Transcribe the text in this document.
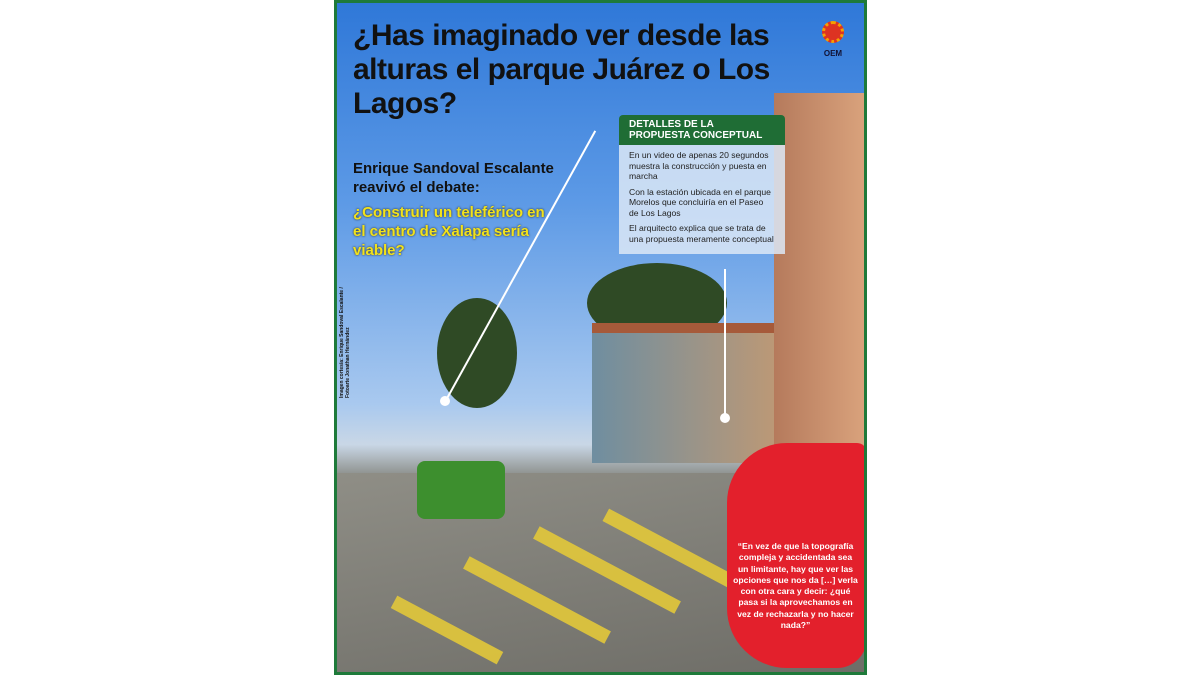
¿Has imaginado ver desde las alturas el parque Juárez o Los Lagos?
Enrique Sandoval Escalante reavivó el debate:
¿Construir un teleférico en el centro de Xalapa sería viable?
OEM
DETALLES DE LA PROPUESTA CONCEPTUAL

En un video de apenas 20 segundos muestra la construcción y puesta en marcha

Con la estación ubicada en el parque Morelos que concluiría en el Paseo de Los Lagos

El arquitecto explica que se trata de una propuesta meramente conceptual

“En vez de que la topografía compleja y accidentada sea un limitante, hay que ver las opciones que nos da […] verla con otra cara y decir: ¿qué pasa si la aprovechamos en vez de rechazarla y no hacer nada?”

Imagen cortesía: Enrique Sandoval Escalante / Fotoarte Jonathan Hernández
